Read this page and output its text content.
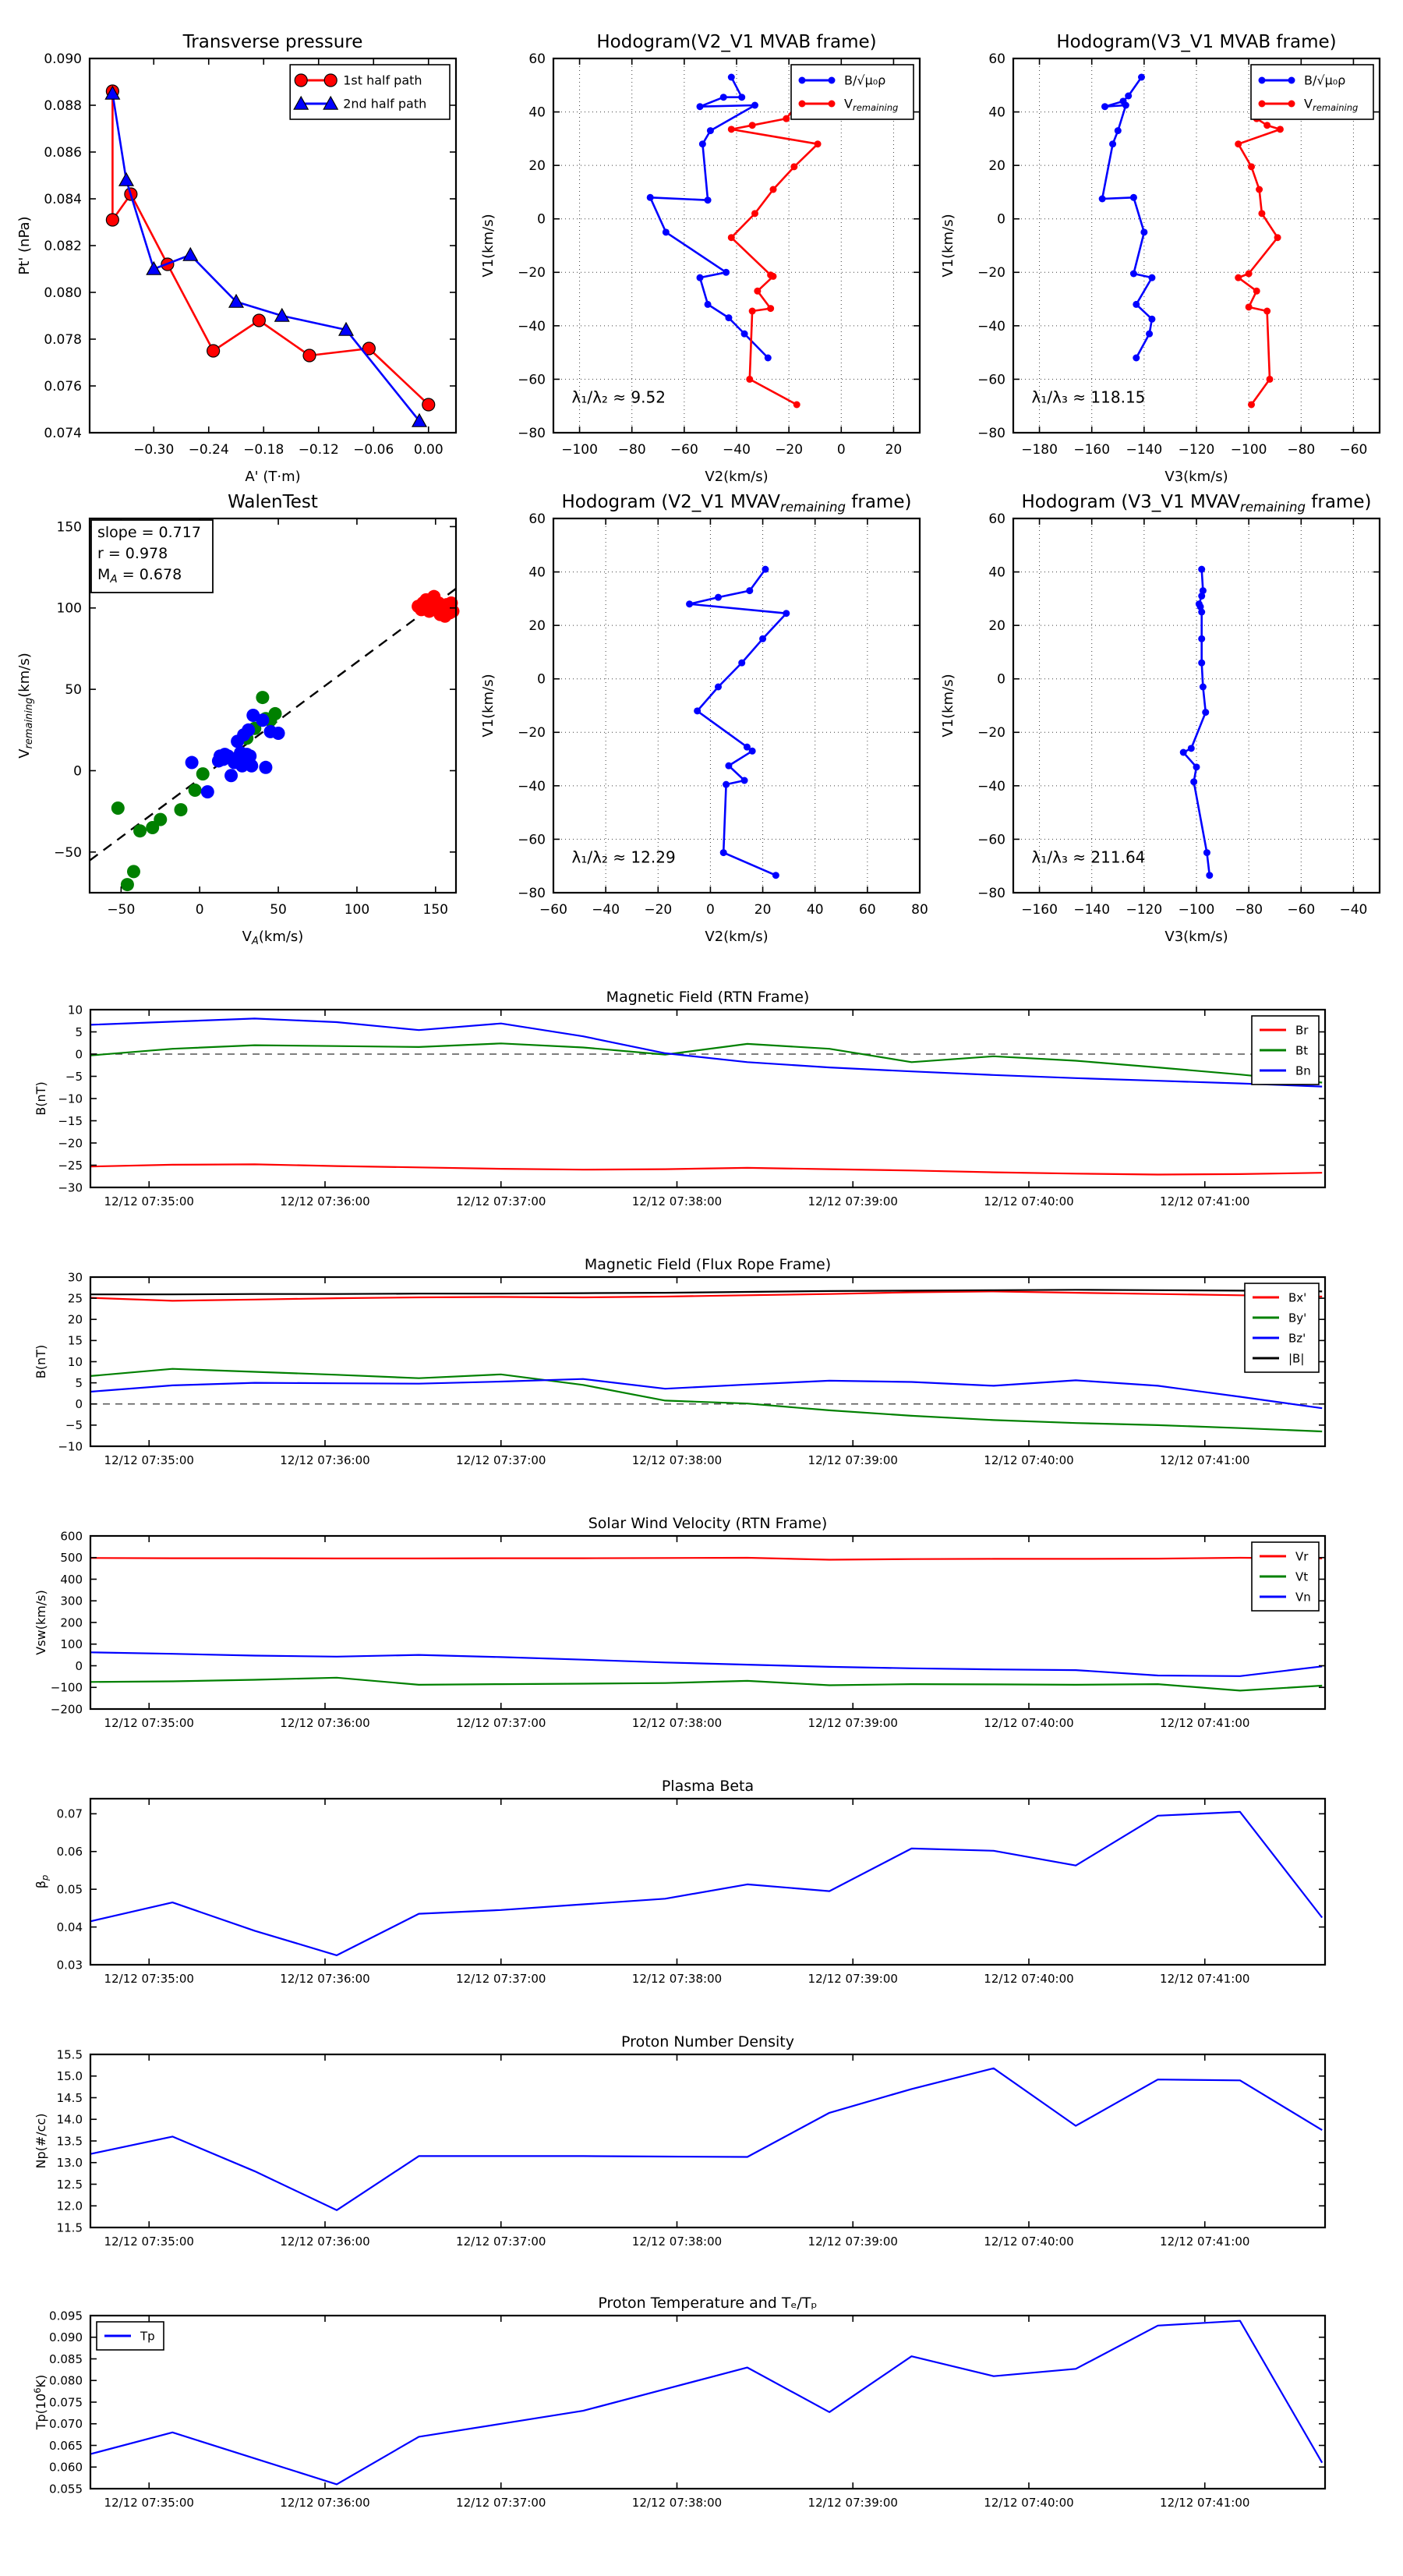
−0.30 −0.24 −0.18 −0.12 −0.06 0.00
0.074
0.076
0.078
0.080
0.082
0.084
0.086
0.088
0.090
Transverse pressure
A' (T·m)
Pt' (nPa)
1st half path
2nd half path
−100 −80 −60 −40 −20	0	20
−80
−60
−40
−20
0
20
40
60
Hodogram(V2_V1 MVAB frame)
V2(km/s)
V1(km/s)
B/√μ₀ρ
$V_{remaining}$
λ₁/λ₂ ≈ 9.52
−180 −160 −140 −120 −100 −80 −60
−80
−60
−40
−20
0
20
40
60
Hodogram(V3_V1 MVAB frame)
V3(km/s)
V1(km/s)
B/√μ₀ρ
$V_{remaining}$
λ₁/λ₃ ≈ 118.15
−50	0	50	100	150
−50
0
50
100
150
WalenTest
$V_A(km/s)$
$V_{remaining}(km/s)$
slope = 0.717
r = 0.978
$M_A = 0.678$
−60 −40 −20	0	20	40	60	80
−80
−60
−40
−20
0
20
40
60
Hodogram (V2_V1 $MVAV_{remaining}$ frame)
V2(km/s)
V1(km/s)
λ₁/λ₂ ≈ 12.29
−160 −140 −120 −100 −80 −60 −40
−80
−60
−40
−20
0
20
40
60
Hodogram (V3_V1 $MVAV_{remaining}$ frame)
V3(km/s)
V1(km/s)
λ₁/λ₃ ≈ 211.64
12/12 07:35:00	12/12 07:36:00	12/12 07:37:00	12/12 07:38:00	12/12 07:39:00	12/12 07:40:00	12/12 07:41:00
−30
−25
−20
−15
−10
−5
0
5
10
Magnetic Field (RTN Frame)
B(nT)
Br
Bt
Bn
12/12 07:35:00	12/12 07:36:00	12/12 07:37:00	12/12 07:38:00	12/12 07:39:00	12/12 07:40:00	12/12 07:41:00
−10
−5
0
5
10
15
20
25
30
Magnetic Field (Flux Rope Frame)
B(nT)
Bx'
By'
Bz'
|B|
12/12 07:35:00	12/12 07:36:00	12/12 07:37:00	12/12 07:38:00	12/12 07:39:00	12/12 07:40:00	12/12 07:41:00
−200
−100
0
100
200
300
400
500
600
Solar Wind Velocity (RTN Frame)
Vsw(km/s)
Vr
Vt
Vn
12/12 07:35:00	12/12 07:36:00	12/12 07:37:00	12/12 07:38:00	12/12 07:39:00	12/12 07:40:00	12/12 07:41:00
0.03
0.04
0.05
0.06
0.07
Plasma Beta
$\beta_p$
12/12 07:35:00	12/12 07:36:00	12/12 07:37:00	12/12 07:38:00	12/12 07:39:00	12/12 07:40:00	12/12 07:41:00
11.5
12.0
12.5
13.0
13.5
14.0
14.5
15.0
15.5
Proton Number Density
Np(#/cc)
12/12 07:35:00	12/12 07:36:00	12/12 07:37:00	12/12 07:38:00	12/12 07:39:00	12/12 07:40:00	12/12 07:41:00
0.055
0.060
0.065
0.070
0.075
0.080
0.085
0.090
0.095
Proton Temperature and Tₑ/Tₚ
$Tp(10^6K)$
Tp
